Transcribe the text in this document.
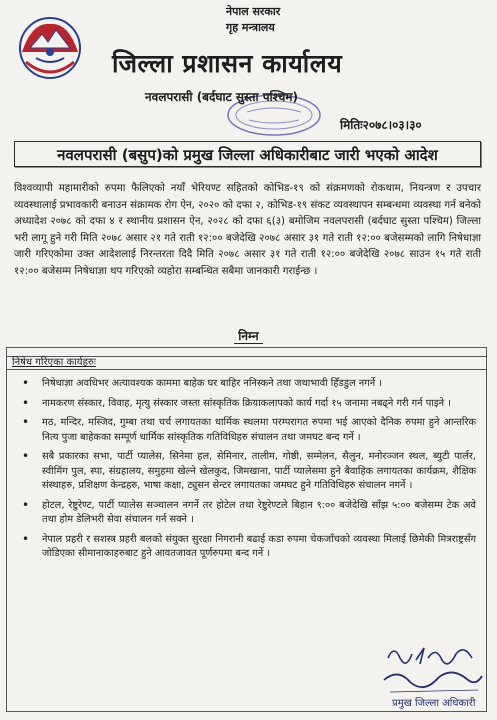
नेपाल सरकार
गृह मन्त्रालय
जिल्ला प्रशासन कार्यालय
नवलपरासी (बर्दघाट सुस्ता पश्चिम)
मितिः२०७८।०३।३०
नवलपरासी (बसुप)को प्रमुख जिल्ला अधिकारीबाट जारी भएको आदेश
विश्वव्यापी महामारीको रुपमा फैलिएको नयाँ भेरियण्ट सहितको कोभिड-१९ को संक्रमणको रोकथाम, नियन्त्रण र उपचार व्यवस्थालाई प्रभावकारी बनाउन संक्रामक रोग ऐन, २०२० को दफा २, कोभिड-१९ संकट व्यवस्थापन सम्बन्धमा व्यवस्था गर्न बनेको अध्यादेश २०७८ को दफा ४ र स्थानीय प्रशासन ऐन, २०२८ को दफा ६(३) बमोजिम नवलपरासी (बर्दघाट सुस्ता पश्चिम) जिल्ला भरी लागू हुने गरी मिति २०७८ असार २१ गते राती १२:०० बजेदेखि २०७८ असार ३१ गते राती १२:०० बजेसम्मको लागि निषेधाज्ञा जारी गरिएकोमा उक्त आदेशलाई निरन्तरता दिदै मिति २०७८ असार ३१ गते राती १२:०० बजेदेखि २०७८ साउन १५ गते राती १२:०० बजेसम्म निषेधाज्ञा थप गरिएको व्यहोरा सम्बन्धित सबैमा जानकारी गराईन्छ ।
निम्न
निषेध गरिएका कार्यहरुः
• निषेधाज्ञा अवधिभर अत्यावश्यक काममा बाहेक घर बाहिर ननिस्कने तथा जथाभावी हिँडडुल नगर्ने ।
• नामकरण संस्कार, विवाह, मृत्यु संस्कार जस्ता सांस्कृतिक क्रियाकलापको कार्य गर्दा १५ जनामा नबढ्ने गरी गर्न पाइने ।
• मठ, मन्दिर, मस्जिद, गुम्बा तथा चर्च लगायतका धार्मिक स्थलमा परम्परागत रुपमा भई आएको दैनिक रुपमा हुने आन्तरिक नित्य पुजा बाहेकका सम्पूर्ण धार्मिक सांस्कृतिक गतिविधिहरु संचालन तथा जमघट बन्द गर्ने ।
• सबै प्रकारका सभा, पार्टी प्यालेस, सिनेमा हल, सेमिनार, तालीम, गोष्ठी, सम्मेलन, सैलुन, मनोरञ्जन स्थल, ब्युटी पार्लर, स्वीमिंग पुल, स्पा, संग्रहालय, समुहमा खेल्ने खेलकुद, जिमखाना, पार्टी प्यालेसमा हुने बैवाहिक लगायतका कार्यक्रम, शैक्षिक संस्थाहरु, प्रशिक्षण केन्द्रहरु, भाषा कक्षा, ट्युसन सेन्टर लगायतका जमघट हुने गतिविधिहरु संचालन नगर्ने ।
• होटल, रेष्टुरेण्ट, पार्टी प्यालेस सञ्चालन नगर्ने तर होटेल तथा रेष्टुरेण्टले बिहान ९:०० बजेदेखि साँझ ५:०० बजेसम्म टेक अवे तथा होम डेलिभरी सेवा संचालन गर्न सक्ने ।
• नेपाल प्रहरी र सशस्त्र प्रहरी बलको संयुक्त सुरक्षा निगरानी बढाई कडा रुपमा चेकजाँचको व्यवस्था मिलाई छिमेकी मित्रराष्ट्रसँग जोडिएका सीमानाकाहरुबाट हुने आवतजावत पूर्णरुपमा बन्द गर्ने ।
प्रमुख जिल्ला अधिकारी
